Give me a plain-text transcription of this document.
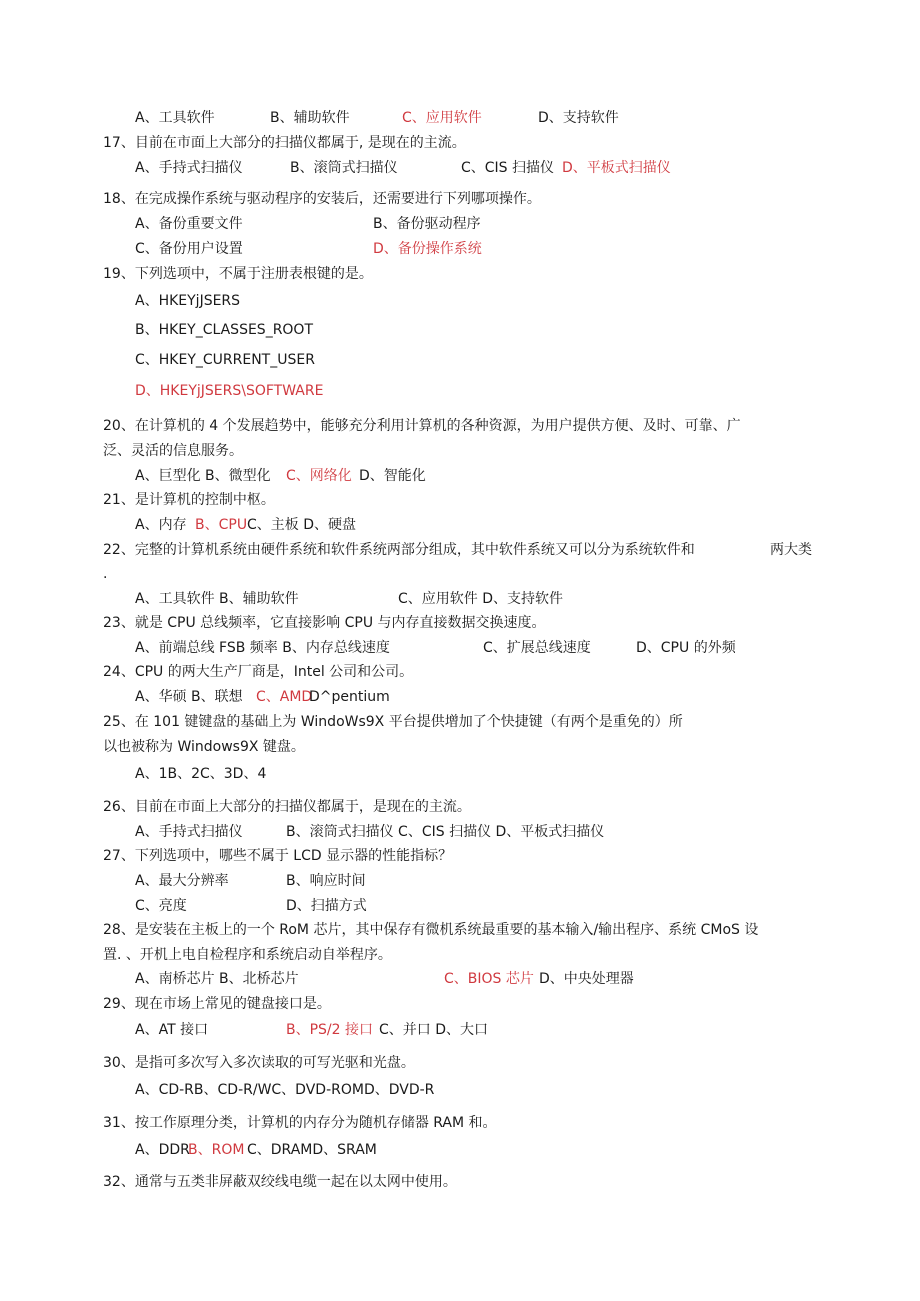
A、工具软件	B、辅助软件	C、应用软件	D、支持软件
17、目前在市面上大部分的扫描仪都属于, 是现在的主流。
A、手持式扫描仪	B、滚筒式扫描仪	C、CIS 扫描仪 D、平板式扫描仪
18、在完成操作系统与驱动程序的安装后，还需要进行下列哪项操作。
A、备份重要文件	B、备份驱动程序
C、备份用户设置	D、备份操作系统
19、下列选项中，不属于注册表根键的是。
A、HKEYjJSERS
B、HKEY_CLASSES_ROOT
C、HKEY_CURRENT_USER
D、HKEYjJSERS\SOFTWARE
20、在计算机的 4 个发展趋势中，能够充分利用计算机的各种资源，为用户提供方便、及时、可靠、广
泛、灵活的信息服务。
A、巨型化 B、微型化 C、网络化 D、智能化
21、是计算机的控制中枢。
A、内存 B、CPU C、主板 D、硬盘
22、完整的计算机系统由硬件系统和软件系统两部分组成，其中软件系统又可以分为系统软件和	两大类
.
A、工具软件 B、辅助软件	C、应用软件 D、支持软件
23、就是 CPU 总线频率，它直接影响 CPU 与内存直接数据交换速度。
A、前端总线 FSB 频率 B、内存总线速度	C、扩展总线速度	D、CPU 的外频
24、CPU 的两大生产厂商是，Intel 公司和公司。
A、华硕 B、联想 C、AMD
D^pentium
25、在 101 键键盘的基础上为 WindoWs9X 平台提供增加了个快捷键（有两个是重免的）所
以也被称为 Windows9X 键盘。
A、1B、2C、3D、4
26、目前在市面上大部分的扫描仪都属于，是现在的主流。
A、手持式扫描仪	B、滚筒式扫描仪 C、CIS 扫描仪 D、平板式扫描仪
27、下列选项中，哪些不属于 LCD 显示器的性能指标？
A、最大分辨率	B、响应时间
C、亮度	D、扫描方式
28、是安装在主板上的一个 RoM 芯片，其中保存有微机系统最重要的基本输入/输出程序、系统 CMoS 设
置. 、开机上电自检程序和系统启动自举程序。
A、南桥芯片 B、北桥芯片	C、BIOS 芯片 D、中央处理器
29、现在市场上常见的键盘接口是。
A、AT 接口	B、PS/2 接口 C、并口 D、大口
30、是指可多次写入多次读取的可写光驱和光盘。
A、CD-RB、CD-R/WC、DVD-ROMD、DVD-R
31、按工作原理分类，计算机的内存分为随机存储器 RAM 和。
A、DDR
B、ROM C、DRAMD、SRAM
32、通常与五类非屏蔽双绞线电缆一起在以太网中使用。
